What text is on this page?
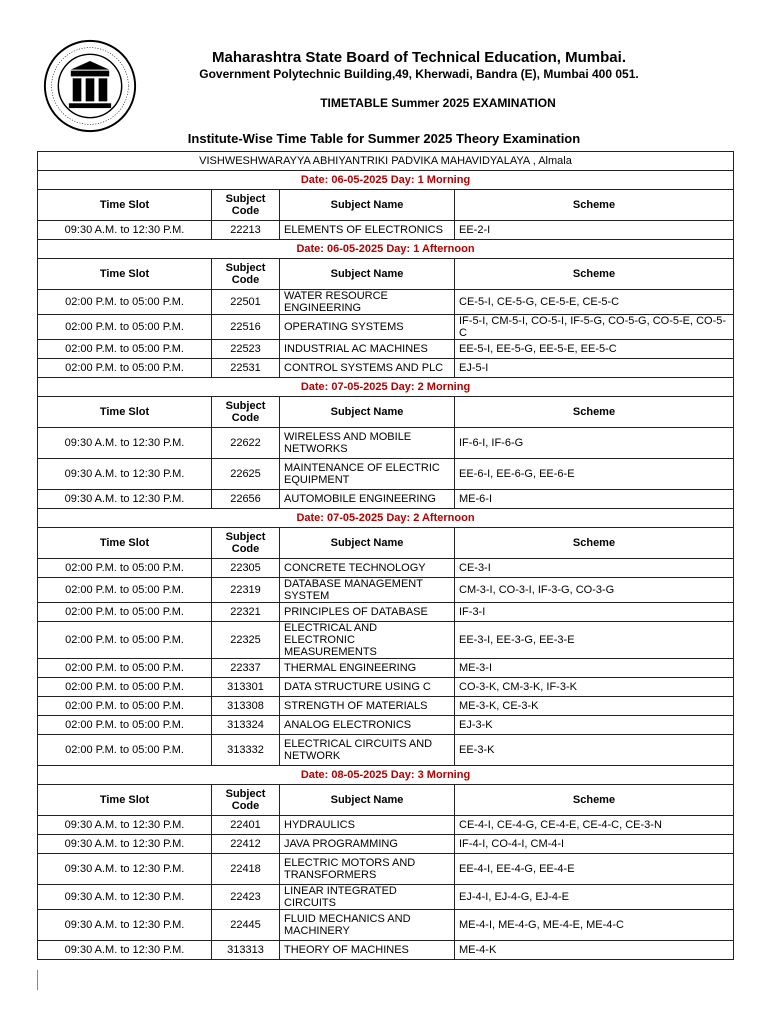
Maharashtra State Board of Technical Education, Mumbai.
Government Polytechnic Building,49, Kherwadi, Bandra (E), Mumbai 400 051.
TIMETABLE Summer 2025 EXAMINATION
Institute-Wise Time Table for Summer 2025 Theory Examination
VISHWESHWARAYYA ABHIYANTRIKI PADVIKA MAHAVIDYALAYA , Almala			
Date: 06-05-2025 Day: 1 Morning			
Time Slot	Subject Code	Subject Name	Scheme
09:30 A.M. to 12:30 P.M.	22213	ELEMENTS OF ELECTRONICS	EE-2-I
Date: 06-05-2025 Day: 1 Afternoon			
Time Slot	Subject Code	Subject Name	Scheme
02:00 P.M. to 05:00 P.M.	22501	WATER RESOURCE ENGINEERING	CE-5-I, CE-5-G, CE-5-E, CE-5-C
02:00 P.M. to 05:00 P.M.	22516	OPERATING SYSTEMS	IF-5-I, CM-5-I, CO-5-I, IF-5-G, CO-5-G, CO-5-E, CO-5-C
02:00 P.M. to 05:00 P.M.	22523	INDUSTRIAL AC MACHINES	EE-5-I, EE-5-G, EE-5-E, EE-5-C
02:00 P.M. to 05:00 P.M.	22531	CONTROL SYSTEMS AND PLC	EJ-5-I
Date: 07-05-2025 Day: 2 Morning			
Time Slot	Subject Code	Subject Name	Scheme
09:30 A.M. to 12:30 P.M.	22622	WIRELESS AND MOBILE NETWORKS	IF-6-I, IF-6-G
09:30 A.M. to 12:30 P.M.	22625	MAINTENANCE OF ELECTRIC EQUIPMENT	EE-6-I, EE-6-G, EE-6-E
09:30 A.M. to 12:30 P.M.	22656	AUTOMOBILE ENGINEERING	ME-6-I
Date: 07-05-2025 Day: 2 Afternoon			
Time Slot	Subject Code	Subject Name	Scheme
02:00 P.M. to 05:00 P.M.	22305	CONCRETE TECHNOLOGY	CE-3-I
02:00 P.M. to 05:00 P.M.	22319	DATABASE MANAGEMENT SYSTEM	CM-3-I, CO-3-I, IF-3-G, CO-3-G
02:00 P.M. to 05:00 P.M.	22321	PRINCIPLES OF DATABASE	IF-3-I
02:00 P.M. to 05:00 P.M.	22325	ELECTRICAL AND ELECTRONIC MEASUREMENTS	EE-3-I, EE-3-G, EE-3-E
02:00 P.M. to 05:00 P.M.	22337	THERMAL ENGINEERING	ME-3-I
02:00 P.M. to 05:00 P.M.	313301	DATA STRUCTURE USING C	CO-3-K, CM-3-K, IF-3-K
02:00 P.M. to 05:00 P.M.	313308	STRENGTH OF MATERIALS	ME-3-K, CE-3-K
02:00 P.M. to 05:00 P.M.	313324	ANALOG ELECTRONICS	EJ-3-K
02:00 P.M. to 05:00 P.M.	313332	ELECTRICAL CIRCUITS AND NETWORK	EE-3-K
Date: 08-05-2025 Day: 3 Morning			
Time Slot	Subject Code	Subject Name	Scheme
09:30 A.M. to 12:30 P.M.	22401	HYDRAULICS	CE-4-I, CE-4-G, CE-4-E, CE-4-C, CE-3-N
09:30 A.M. to 12:30 P.M.	22412	JAVA PROGRAMMING	IF-4-I, CO-4-I, CM-4-I
09:30 A.M. to 12:30 P.M.	22418	ELECTRIC MOTORS AND TRANSFORMERS	EE-4-I, EE-4-G, EE-4-E
09:30 A.M. to 12:30 P.M.	22423	LINEAR INTEGRATED CIRCUITS	EJ-4-I, EJ-4-G, EJ-4-E
09:30 A.M. to 12:30 P.M.	22445	FLUID MECHANICS AND MACHINERY	ME-4-I, ME-4-G, ME-4-E, ME-4-C
09:30 A.M. to 12:30 P.M.	313313	THEORY OF MACHINES	ME-4-K
